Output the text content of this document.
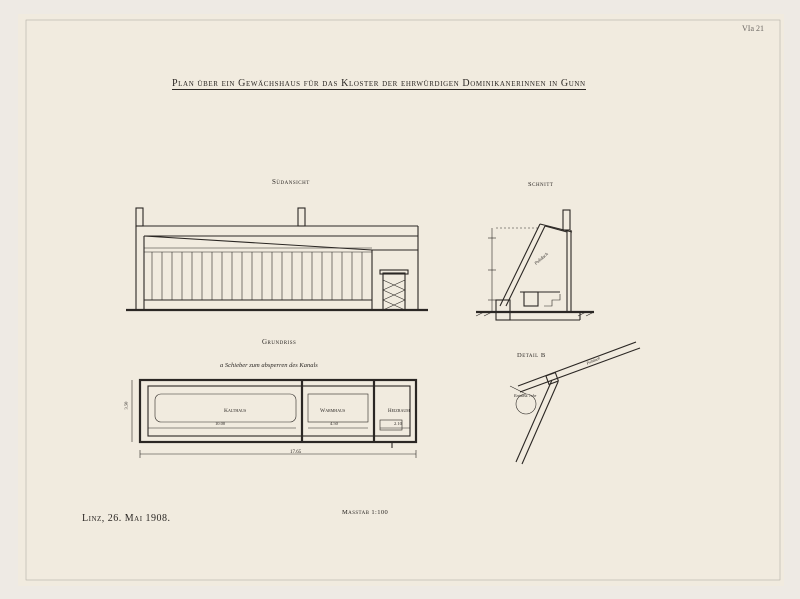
Plan über ein Gewächshaus für das Kloster der ehrwürdigen Dominikanerinnen in Gunn
Südansicht	Schnitt
Grundriss
a Schieber zum absperren des Kanals
Detail B
Kalthaus	Warmhaus	Heizraum
17.65
10.00	4.50	2.10
3.50
Pultdach
Pultdach
Entwäss. rohr
Linz, 26. Mai 1908.
Masstab 1:100
VIa 21
